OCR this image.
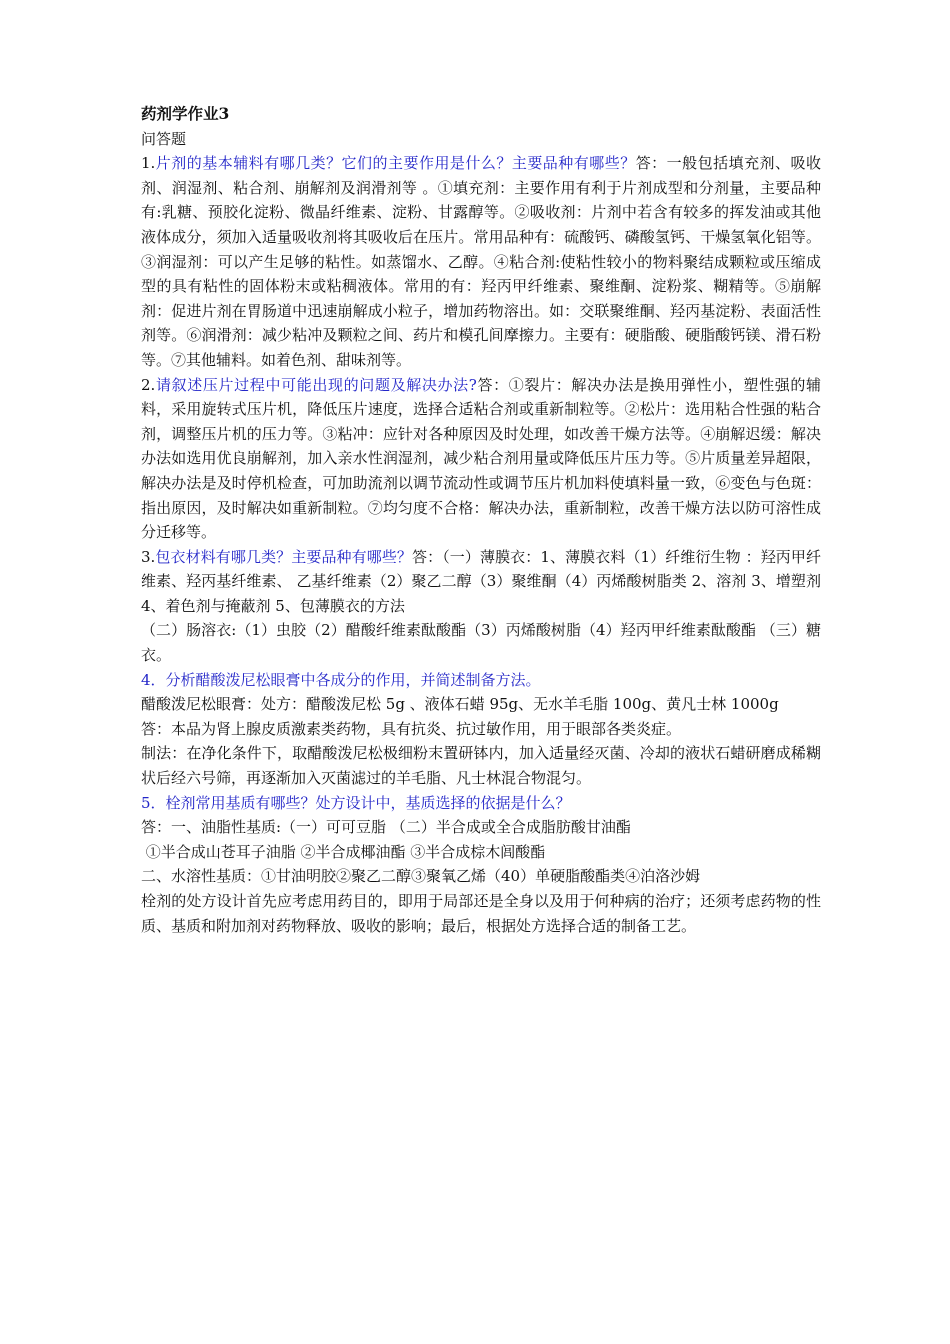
药剂学作业3

问答题

1.片剂的基本辅料有哪几类？它们的主要作用是什么？主要品种有哪些？答：一般包括填充剂、吸收剂、润湿剂、粘合剂、崩解剂及润滑剂等 。①填充剂：主要作用有利于片剂成型和分剂量，主要品种有:乳糖、预胶化淀粉、微晶纤维素、淀粉、甘露醇等。②吸收剂：片剂中若含有较多的挥发油或其他液体成分，须加入适量吸收剂将其吸收后在压片。常用品种有：硫酸钙、磷酸氢钙、干燥氢氧化铝等。③润湿剂：可以产生足够的粘性。如蒸馏水、乙醇。④粘合剂:使粘性较小的物料聚结成颗粒或压缩成型的具有粘性的固体粉末或粘稠液体。常用的有：羟丙甲纤维素、聚维酮、淀粉浆、糊精等。⑤崩解剂：促进片剂在胃肠道中迅速崩解成小粒子，增加药物溶出。如：交联聚维酮、羟丙基淀粉、表面活性剂等。⑥润滑剂：减少粘冲及颗粒之间、药片和模孔间摩擦力。主要有：硬脂酸、硬脂酸钙镁、滑石粉等。⑦其他辅料。如着色剂、甜味剂等。

2.请叙述压片过程中可能出现的问题及解决办法?答：①裂片：解决办法是换用弹性小，塑性强的辅料，采用旋转式压片机，降低压片速度，选择合适粘合剂或重新制粒等。②松片：选用粘合性强的粘合剂，调整压片机的压力等。③粘冲：应针对各种原因及时处理，如改善干燥方法等。④崩解迟缓：解决办法如选用优良崩解剂，加入亲水性润湿剂，减少粘合剂用量或降低压片压力等。⑤片质量差异超限，解决办法是及时停机检查，可加助流剂以调节流动性或调节压片机加料使填料量一致，⑥变色与色斑：指出原因，及时解决如重新制粒。⑦均匀度不合格：解决办法，重新制粒，改善干燥方法以防可溶性成分迁移等。

3.包衣材料有哪几类？主要品种有哪些？答：（一）薄膜衣：1、薄膜衣料（1）纤维衍生物 ：羟丙甲纤维素、羟丙基纤维素、 乙基纤维素（2）聚乙二醇（3）聚维酮（4）丙烯酸树脂类 2、溶剂 3、增塑剂 4、着色剂与掩蔽剂 5、包薄膜衣的方法

（二）肠溶衣:（1）虫胶（2）醋酸纤维素酞酸酯（3）丙烯酸树脂（4）羟丙甲纤维素酞酸酯 （三）糖衣。

4．分析醋酸泼尼松眼膏中各成分的作用，并简述制备方法。

醋酸泼尼松眼膏：处方：醋酸泼尼松 5g 、液体石蜡 95g、无水羊毛脂 100g、黄凡士林 1000g

答：本品为肾上腺皮质激素类药物，具有抗炎、抗过敏作用，用于眼部各类炎症。

制法：在净化条件下，取醋酸泼尼松极细粉末置研钵内，加入适量经灭菌、冷却的液状石蜡研磨成稀糊状后经六号筛，再逐渐加入灭菌滤过的羊毛脂、凡士林混合物混匀。

5．栓剂常用基质有哪些？处方设计中，基质选择的依据是什么？

答：一、油脂性基质:（一）可可豆脂 （二）半合成或全合成脂肪酸甘油酯

①半合成山苍耳子油脂 ②半合成椰油酯 ③半合成棕木闾酸酯

二、水溶性基质：①甘油明胶②聚乙二醇③聚氧乙烯（40）单硬脂酸酯类④泊洛沙姆

栓剂的处方设计首先应考虑用药目的，即用于局部还是全身以及用于何种病的治疗；还须考虑药物的性质、基质和附加剂对药物释放、吸收的影响；最后，根据处方选择合适的制备工艺。
